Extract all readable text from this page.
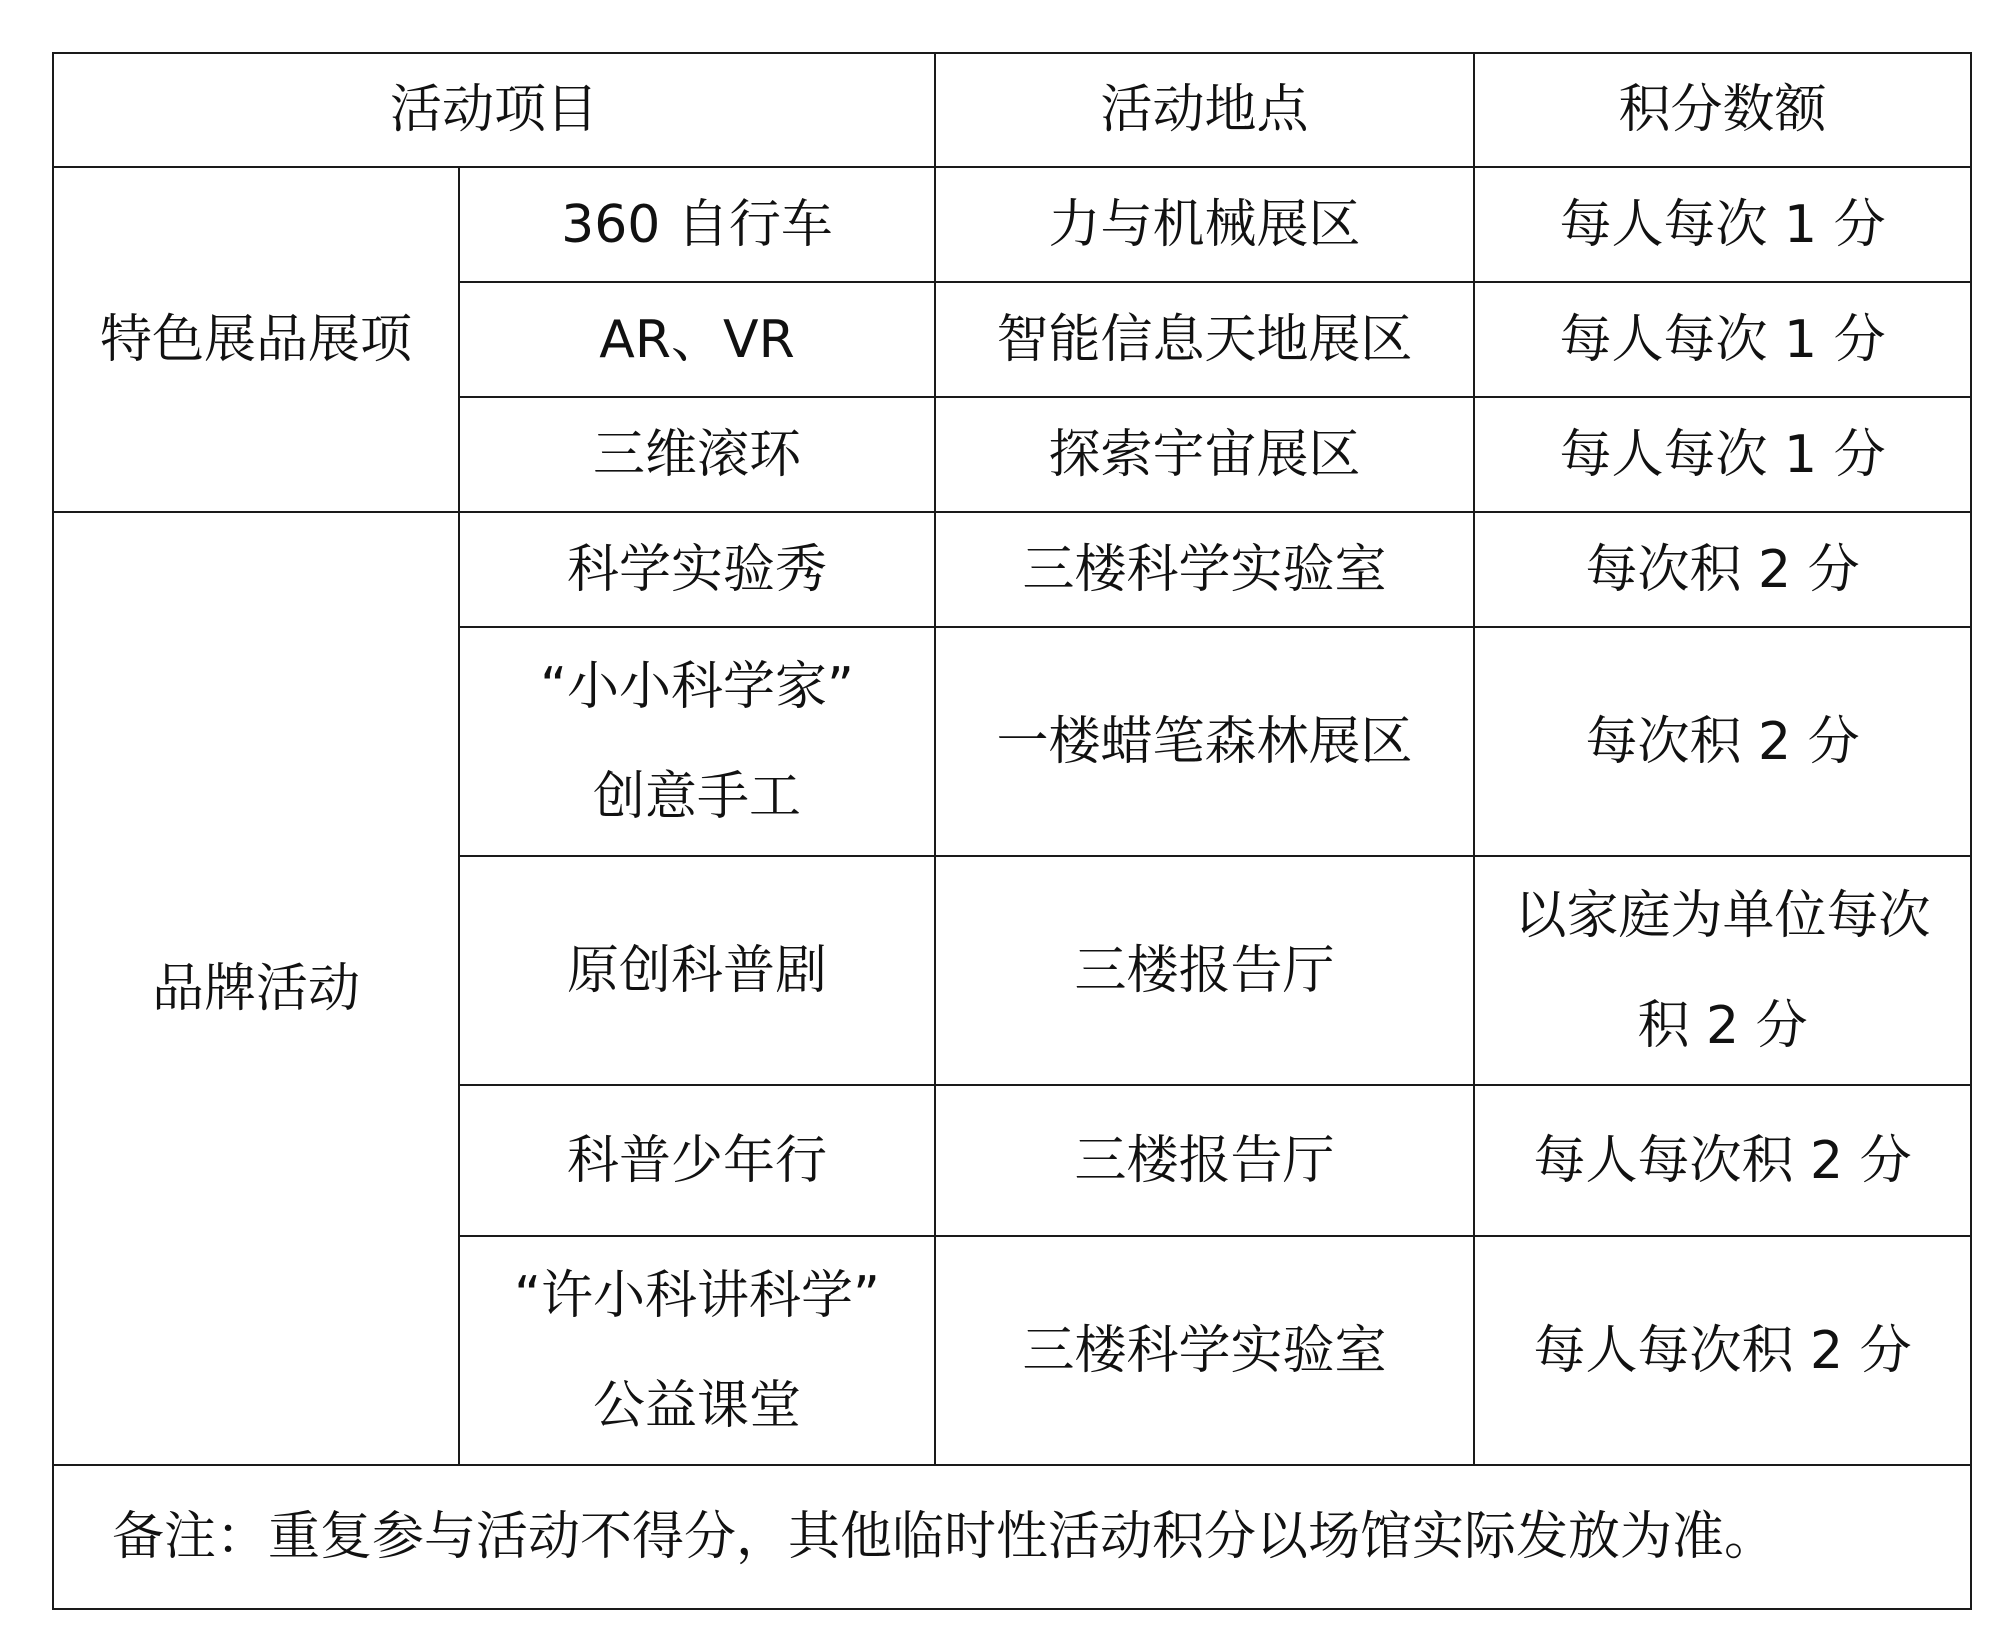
活动项目		活动地点	积分数额
特色展品展项	360 自行车	力与机械展区	每人每次 1 分

	AR、VR	智能信息天地展区	每人每次 1 分

	三维滚环	探索宇宙展区	每人每次 1 分

品牌活动	科学实验秀	三楼科学实验室	每次积 2 分

	“小小科学家”
创意手工	一楼蜡笔森林展区	每次积 2 分

	原创科普剧	三楼报告厅	以家庭为单位每次
积 2 分

	科普少年行	三楼报告厅	每人每次积 2 分

	“许小科讲科学”
公益课堂	三楼科学实验室	每人每次积 2 分

备注：重复参与活动不得分，其他临时性活动积分以场馆实际发放为准。			
